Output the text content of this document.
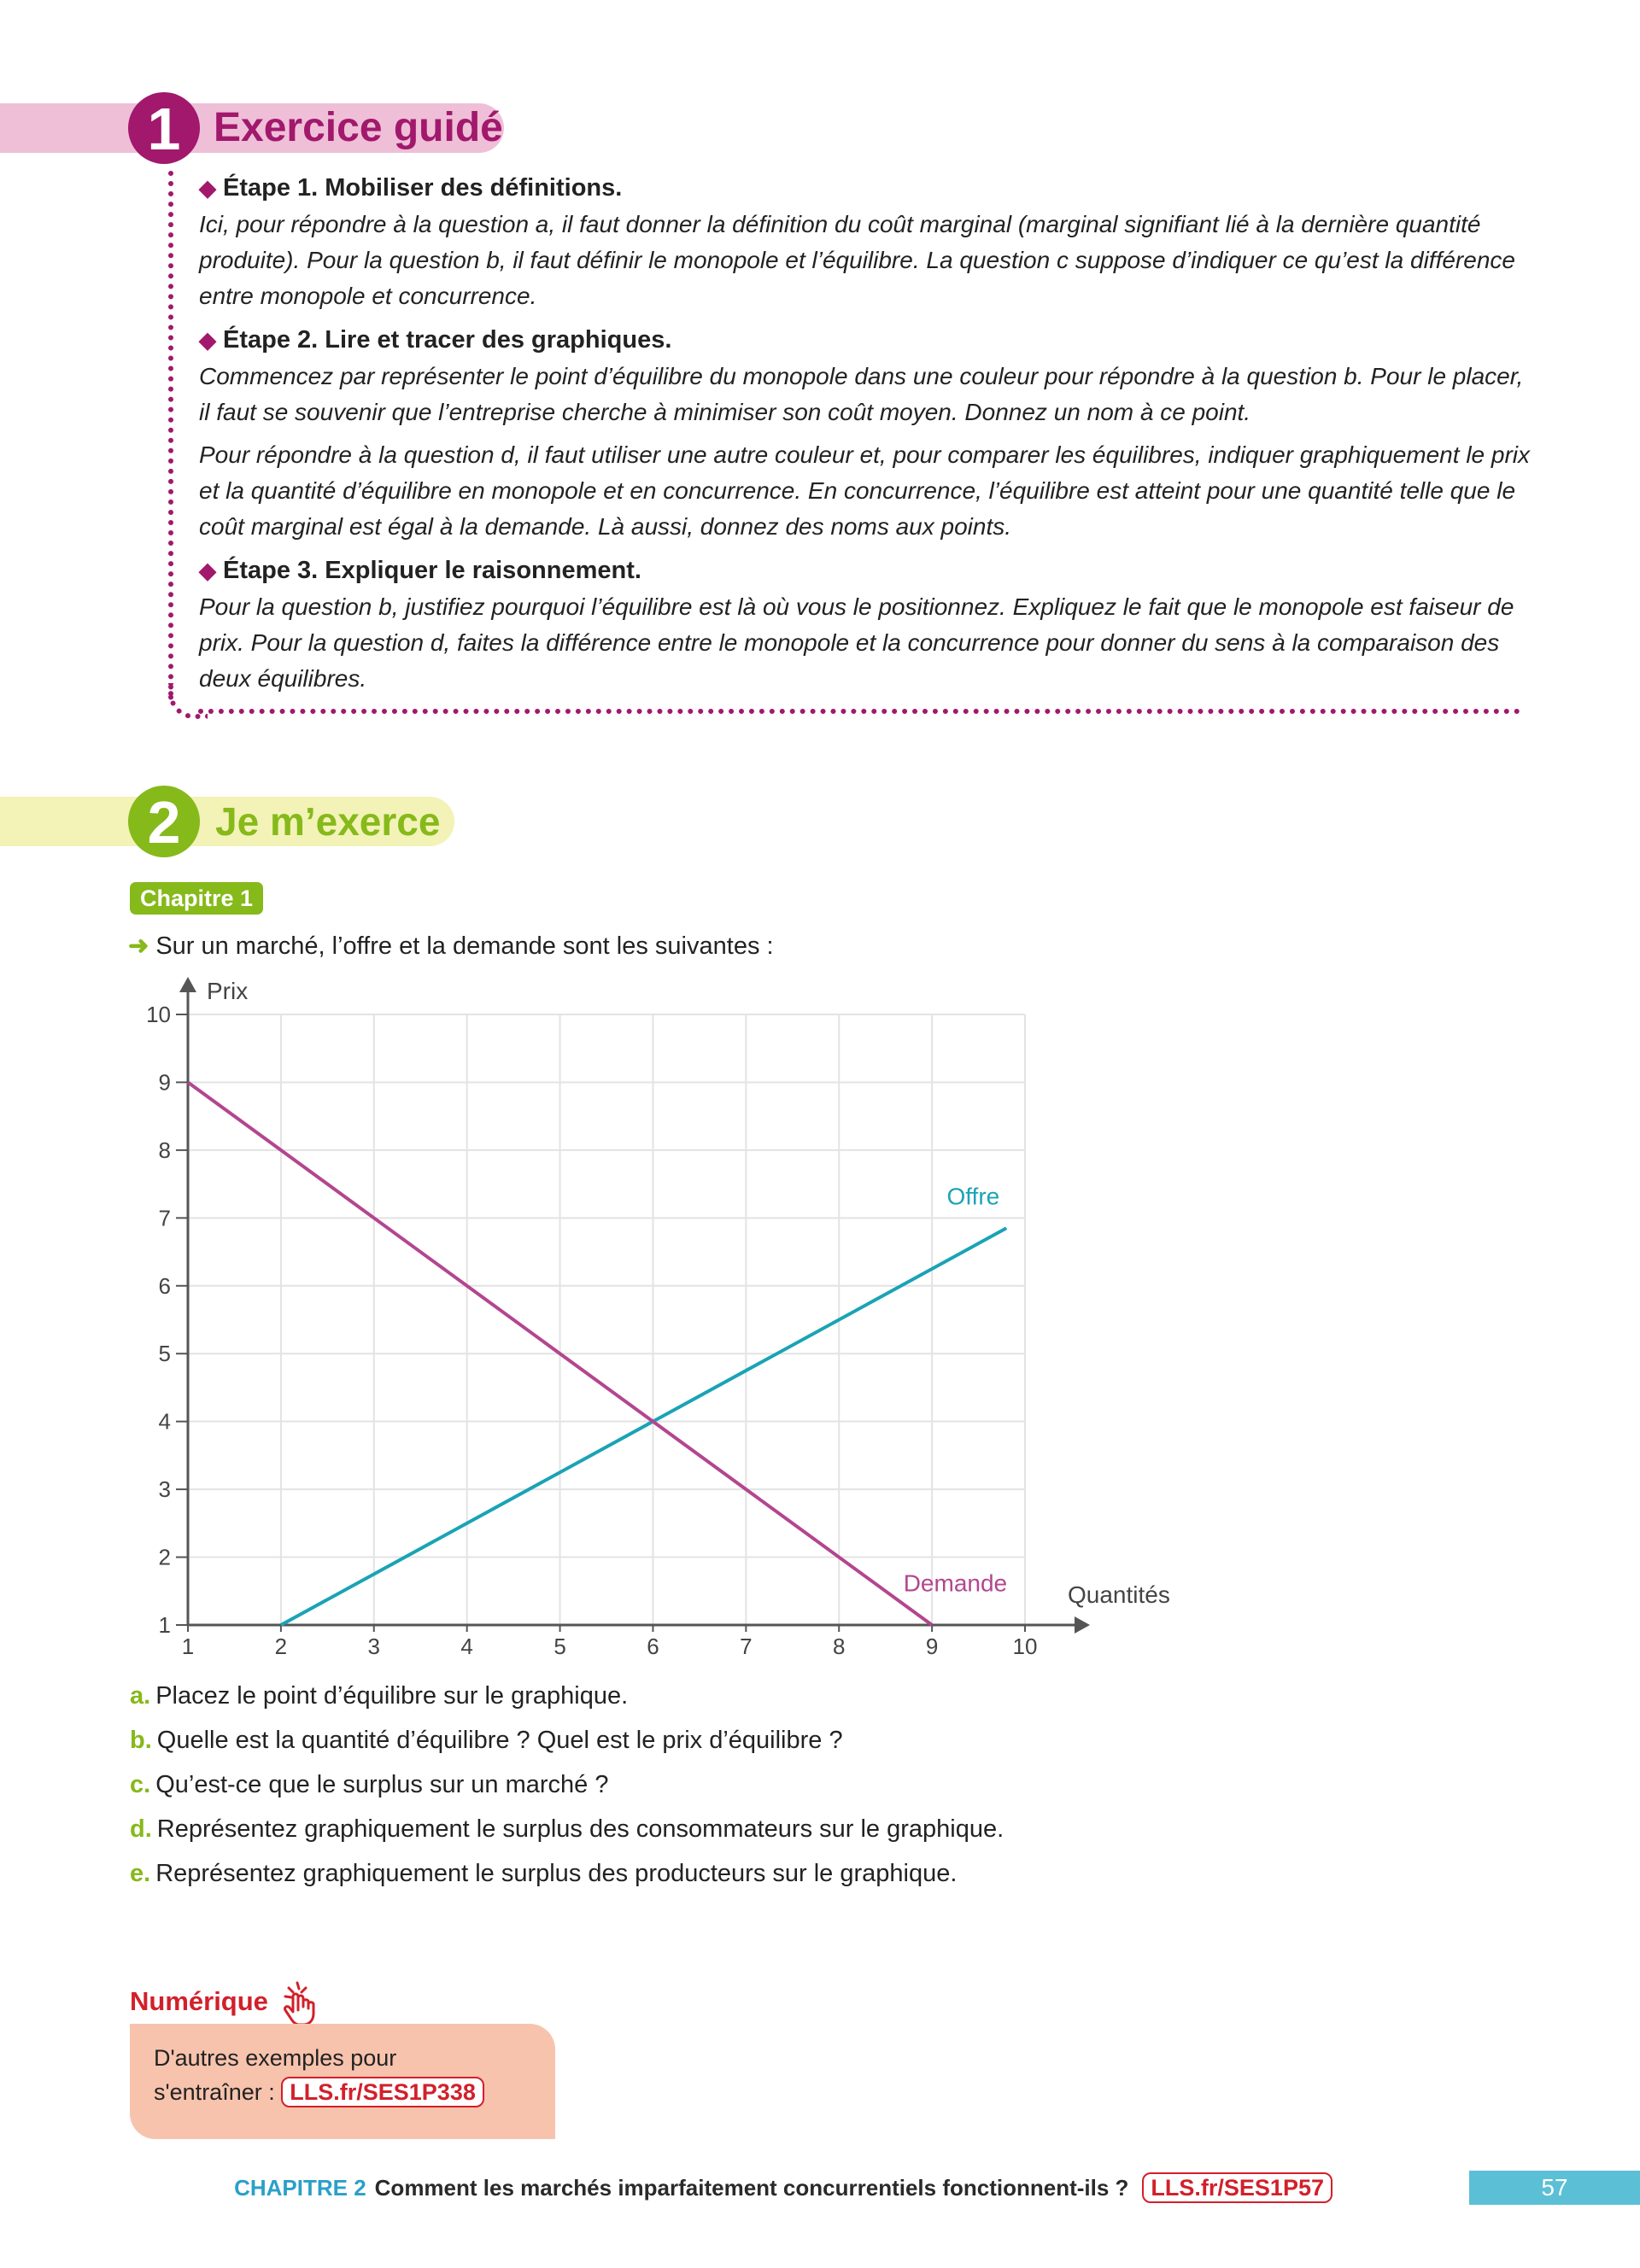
1 Exercice guidé
◆ Étape 1. Mobiliser des définitions.

Ici, pour répondre à la question a, il faut donner la définition du coût marginal (marginal signifiant lié à la dernière quantité produite). Pour la question b, il faut définir le monopole et l’équilibre. La question c suppose d’indiquer ce qu’est la différence entre monopole et concurrence.

◆ Étape 2. Lire et tracer des graphiques.

Commencez par représenter le point d’équilibre du monopole dans une couleur pour répondre à la question b. Pour le placer, il faut se souvenir que l’entreprise cherche à minimiser son coût moyen. Donnez un nom à ce point.

Pour répondre à la question d, il faut utiliser une autre couleur et, pour comparer les équilibres, indiquer graphiquement le prix et la quantité d’équilibre en monopole et en concurrence. En concurrence, l’équilibre est atteint pour une quantité telle que le coût marginal est égal à la demande. Là aussi, donnez des noms aux points.

◆ Étape 3. Expliquer le raisonnement.

Pour la question b, justifiez pourquoi l’équilibre est là où vous le positionnez. Expliquez le fait que le monopole est faiseur de prix. Pour la question d, faites la différence entre le monopole et la concurrence pour donner du sens à la comparaison des deux équilibres.

2 Je m’exerce
Chapitre 1
➜ Sur un marché, l’offre et la demande sont les suivantes :
1
2
3
4
5
6
7
8
9
10
1	2	3	4	5	6	7	8	9	10
Prix
Quantités
Offre
Demande
a. Placez le point d’équilibre sur le graphique.
b. Quelle est la quantité d’équilibre ? Quel est le prix d’équilibre ?
c. Qu’est-ce que le surplus sur un marché ?
d. Représentez graphiquement le surplus des consommateurs sur le graphique.
e. Représentez graphiquement le surplus des producteurs sur le graphique.
Numérique
D'autres exemples pour
s'entraîner : LLS.fr/SES1P338
CHAPITRE 2 Comment les marchés imparfaitement concurrentiels fonctionnent-ils ? LLS.fr/SES1P57	57
